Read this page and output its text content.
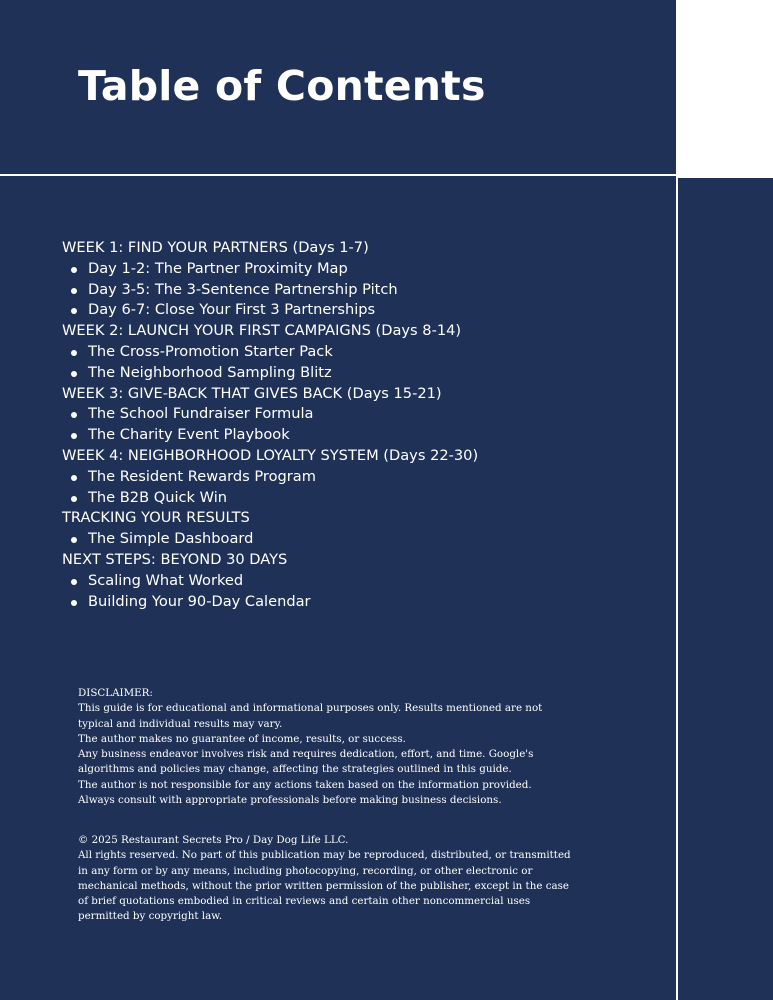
Table of Contents
WEEK 1: FIND YOUR PARTNERS (Days 1-7)
Day 1-2: The Partner Proximity Map
Day 3-5: The 3-Sentence Partnership Pitch
Day 6-7: Close Your First 3 Partnerships
WEEK 2: LAUNCH YOUR FIRST CAMPAIGNS (Days 8-14)
The Cross-Promotion Starter Pack
The Neighborhood Sampling Blitz
WEEK 3: GIVE-BACK THAT GIVES BACK (Days 15-21)
The School Fundraiser Formula
The Charity Event Playbook
WEEK 4: NEIGHBORHOOD LOYALTY SYSTEM (Days 22-30)
The Resident Rewards Program
The B2B Quick Win
TRACKING YOUR RESULTS
The Simple Dashboard
NEXT STEPS: BEYOND 30 DAYS
Scaling What Worked
Building Your 90-Day Calendar
DISCLAIMER:
This guide is for educational and informational purposes only. Results mentioned are not
typical and individual results may vary.
The author makes no guarantee of income, results, or success.
Any business endeavor involves risk and requires dedication, effort, and time. Google's
algorithms and policies may change, affecting the strategies outlined in this guide.
The author is not responsible for any actions taken based on the information provided.
Always consult with appropriate professionals before making business decisions.
© 2025 Restaurant Secrets Pro / Day Dog Life LLC.
All rights reserved. No part of this publication may be reproduced, distributed, or transmitted
in any form or by any means, including photocopying, recording, or other electronic or
mechanical methods, without the prior written permission of the publisher, except in the case
of brief quotations embodied in critical reviews and certain other noncommercial uses
permitted by copyright law.
